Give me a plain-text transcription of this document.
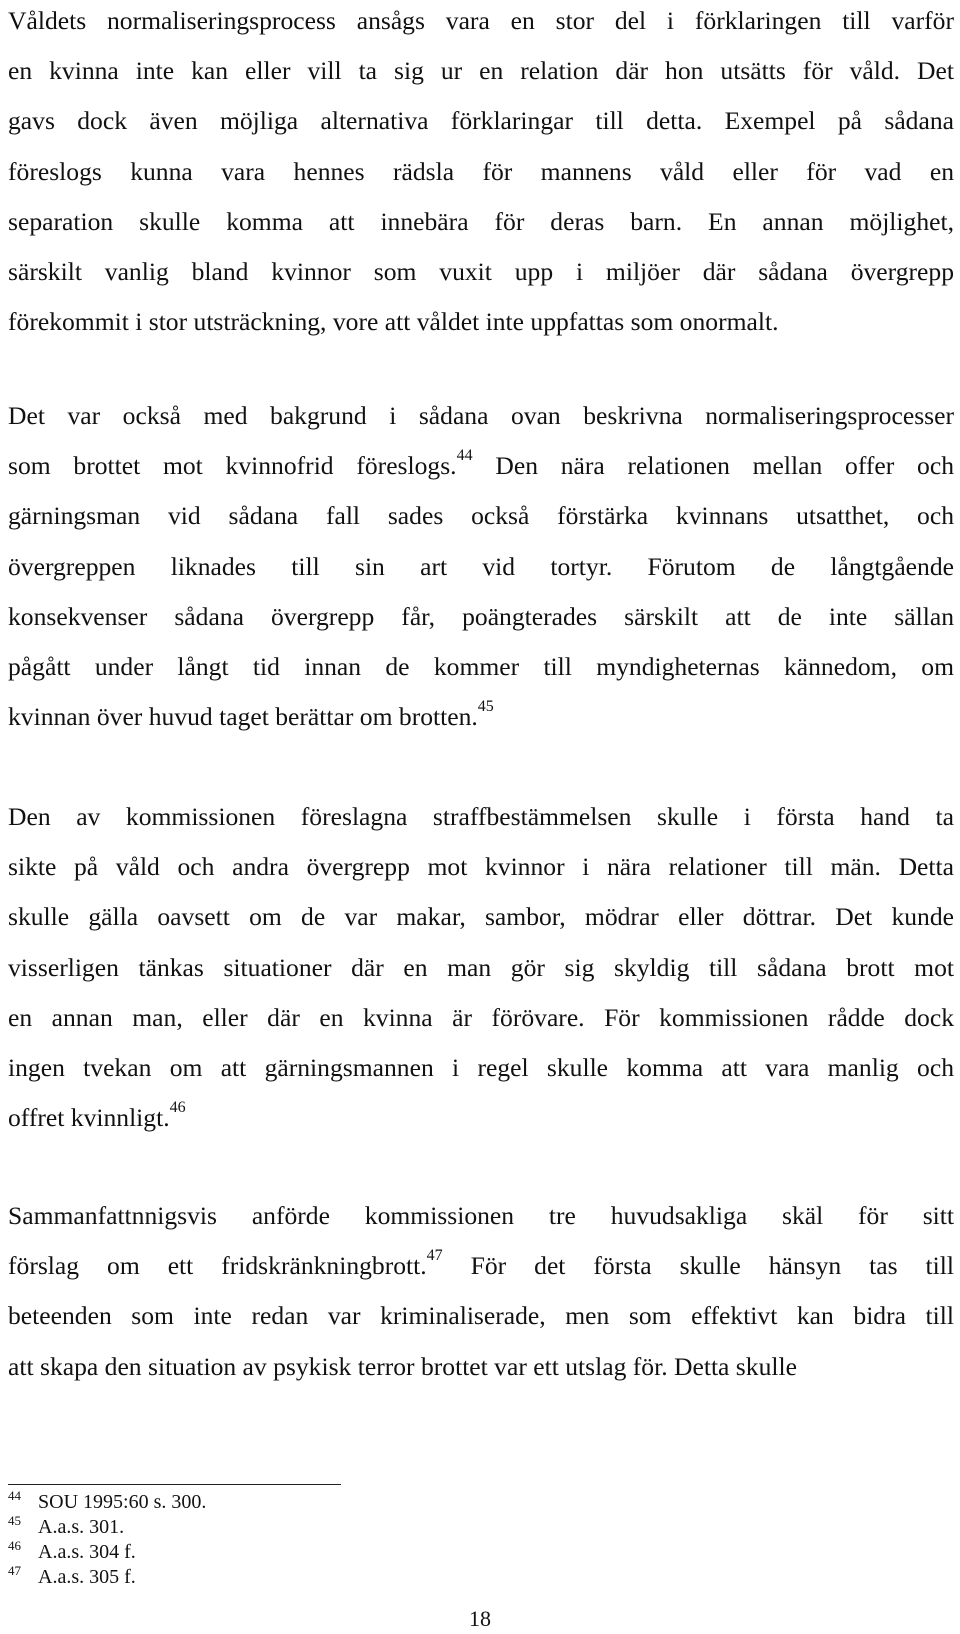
Våldets normaliseringsprocess ansågs vara en stor del i förklaringen till varför
en kvinna inte kan eller vill ta sig ur en relation där hon utsätts för våld. Det
gavs dock även möjliga alternativa förklaringar till detta. Exempel på sådana
föreslogs kunna vara hennes rädsla för mannens våld eller för vad en
separation skulle komma att innebära för deras barn. En annan möjlighet,
särskilt vanlig bland kvinnor som vuxit upp i miljöer där sådana övergrepp
förekommit i stor utsträckning, vore att våldet inte uppfattas som onormalt.
Det var också med bakgrund i sådana ovan beskrivna normaliseringsprocesser
som brottet mot kvinnofrid föreslogs.$^{44}$ Den nära relationen mellan offer och
gärningsman vid sådana fall sades också förstärka kvinnans utsatthet, och
övergreppen liknades till sin art vid tortyr. Förutom de långtgående
konsekvenser sådana övergrepp får, poängterades särskilt att de inte sällan
pågått under långt tid innan de kommer till myndigheternas kännedom, om
kvinnan över huvud taget berättar om brotten.$^{45}$
Den av kommissionen föreslagna straffbestämmelsen skulle i första hand ta
sikte på våld och andra övergrepp mot kvinnor i nära relationer till män. Detta
skulle gälla oavsett om de var makar, sambor, mödrar eller döttrar. Det kunde
visserligen tänkas situationer där en man gör sig skyldig till sådana brott mot
en annan man, eller där en kvinna är förövare. För kommissionen rådde dock
ingen tvekan om att gärningsmannen i regel skulle komma att vara manlig och
offret kvinnligt.$^{46}$
Sammanfattnnigsvis anförde kommissionen tre huvudsakliga skäl för sitt
förslag om ett fridskränkningbrott.$^{47}$ För det första skulle hänsyn tas till
beteenden som inte redan var kriminaliserade, men som effektivt kan bidra till
att skapa den situation av psykisk terror brottet var ett utslag för. Detta skulle
44 SOU 1995:60 s. 300.
45 A.a.s. 301.
46 A.a.s. 304 f.
47 A.a.s. 305 f.
18
